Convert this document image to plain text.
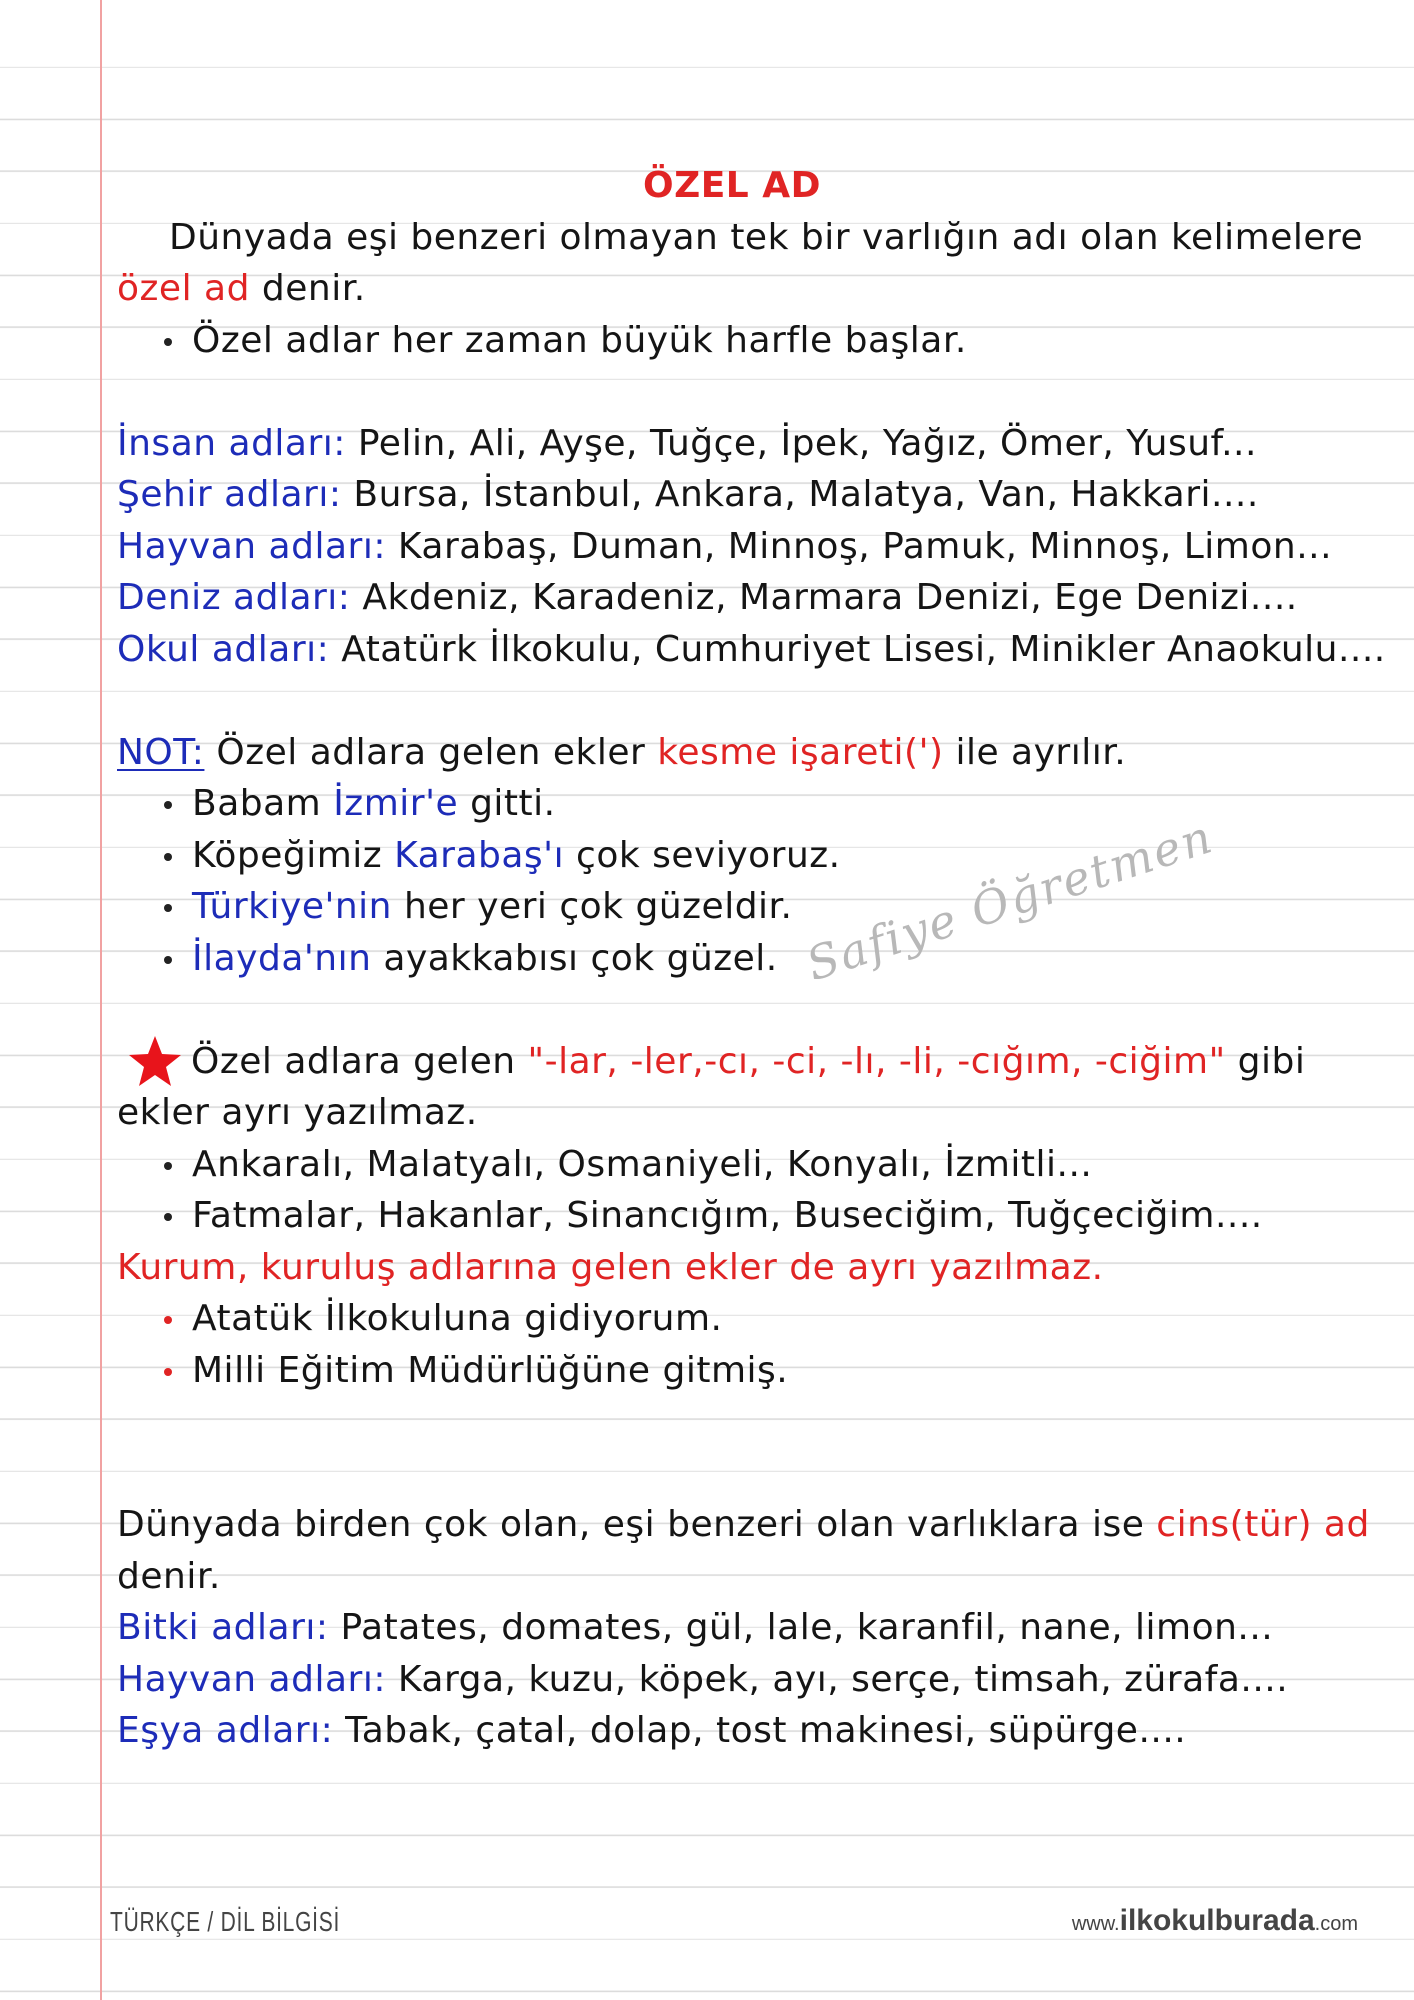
ÖZEL AD
Dünyada eşi benzeri olmayan tek bir varlığın adı olan kelimelere
özel ad denir.
Özel adlar her zaman büyük harfle başlar.
İnsan adları: Pelin, Ali, Ayşe, Tuğçe, İpek, Yağız, Ömer, Yusuf...
Şehir adları: Bursa, İstanbul, Ankara, Malatya, Van, Hakkari....
Hayvan adları: Karabaş, Duman, Minnoş, Pamuk, Minnoş, Limon...
Deniz adları: Akdeniz, Karadeniz, Marmara Denizi, Ege Denizi....
Okul adları: Atatürk İlkokulu, Cumhuriyet Lisesi, Minikler Anaokulu....
NOT: Özel adlara gelen ekler kesme işareti(') ile ayrılır.
Babam İzmir'e gitti.
Köpeğimiz Karabaş'ı çok seviyoruz.
Türkiye'nin her yeri çok güzeldir.
İlayda'nın ayakkabısı çok güzel.
Özel adlara gelen "-lar, -ler,-cı, -ci, -lı, -li, -cığım, -ciğim" gibi
ekler ayrı yazılmaz.
Ankaralı, Malatyalı, Osmaniyeli, Konyalı, İzmitli...
Fatmalar, Hakanlar, Sinancığım, Buseciğim, Tuğçeciğim....
Kurum, kuruluş adlarına gelen ekler de ayrı yazılmaz.
Atatük İlkokuluna gidiyorum.
Milli Eğitim Müdürlüğüne gitmiş.
Dünyada birden çok olan, eşi benzeri olan varlıklara ise cins(tür) ad
denir.
Bitki adları: Patates, domates, gül, lale, karanfil, nane, limon...
Hayvan adları: Karga, kuzu, köpek, ayı, serçe, timsah, zürafa....
Eşya adları: Tabak, çatal, dolap, tost makinesi, süpürge....
Safiye Öğretmen
TÜRKÇE / DİL BİLGİSİ	www.ilkokulburada.com
